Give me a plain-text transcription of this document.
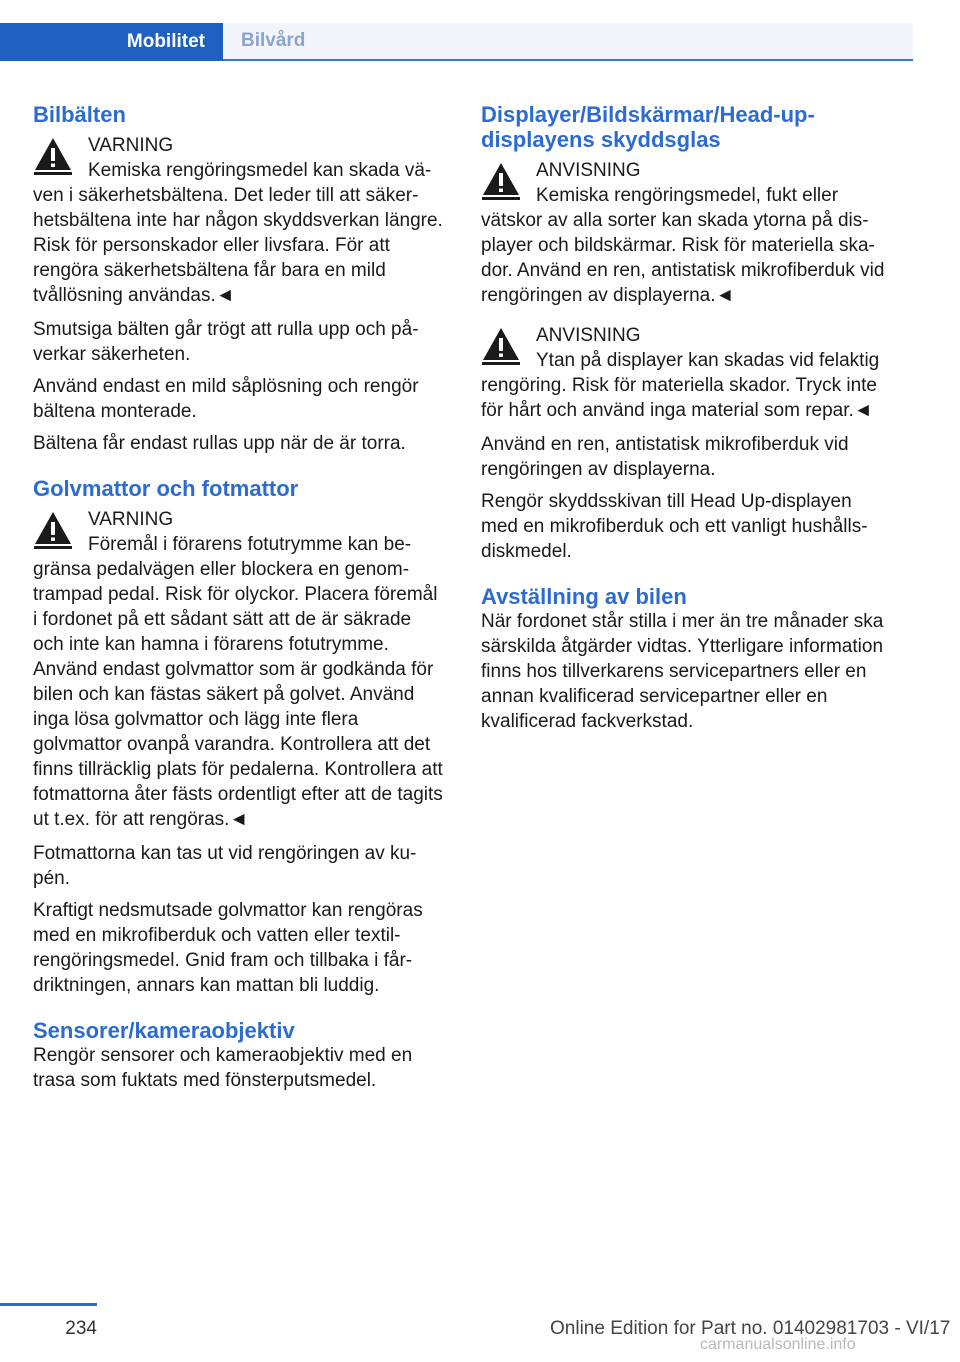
Mobilitet	Bilvård
Bilbälten

VARNING

Kemiska rengöringsmedel kan skada väven i säkerhetsbältena. Det leder till att säkerhetsbältena inte har någon skyddsverkan längre. Risk för personskador eller livsfara. För att rengöra säkerhetsbältena får bara en mild tvållösning användas.◄

Smutsiga bälten går trögt att rulla upp och påverkar säkerheten.

Använd endast en mild såplösning och rengör bältena monterade.

Bältena får endast rullas upp när de är torra.

Golvmattor och fotmattor

VARNING

Föremål i förarens fotutrymme kan begränsa pedalvägen eller blockera en genomtrampad pedal. Risk för olyckor. Placera föremål i fordonet på ett sådant sätt att de är säkrade och inte kan hamna i förarens fotutrymme. Använd endast golvmattor som är godkända för bilen och kan fästas säkert på golvet. Använd inga lösa golvmattor och lägg inte flera golvmattor ovanpå varandra. Kontrollera att det finns tillräcklig plats för pedalerna. Kontrollera att fotmattorna åter fästs ordentligt efter att de tagits ut t.ex. för att rengöras.◄

Fotmattorna kan tas ut vid rengöringen av kupén.

Kraftigt nedsmutsade golvmattor kan rengöras med en mikrofiberduk och vatten eller textilrengöringsmedel. Gnid fram och tillbaka i fårdriktningen, annars kan mattan bli luddig.

Sensorer/kameraobjektiv

Rengör sensorer och kameraobjektiv med en trasa som fuktats med fönsterputsmedel.

Displayer/Bildskärmar/Head-up-displayens skyddsglas

ANVISNING

Kemiska rengöringsmedel, fukt eller vätskor av alla sorter kan skada ytorna på displayer och bildskärmar. Risk för materiella skador. Använd en ren, antistatisk mikrofiberduk vid rengöringen av displayerna.◄

ANVISNING

Ytan på displayer kan skadas vid felaktig rengöring. Risk för materiella skador. Tryck inte för hårt och använd inga material som repar.◄

Använd en ren, antistatisk mikrofiberduk vid rengöringen av displayerna.

Rengör skyddsskivan till Head Up-displayen med en mikrofiberduk och ett vanligt hushållsdiskmedel.

Avställning av bilen

När fordonet står stilla i mer än tre månader ska särskilda åtgärder vidtas. Ytterligare information finns hos tillverkarens servicepartners eller en annan kvalificerad servicepartner eller en kvalificerad fackverkstad.

234	Online Edition for Part no. 01402981703 - VI/17
carmanualsonline.info
